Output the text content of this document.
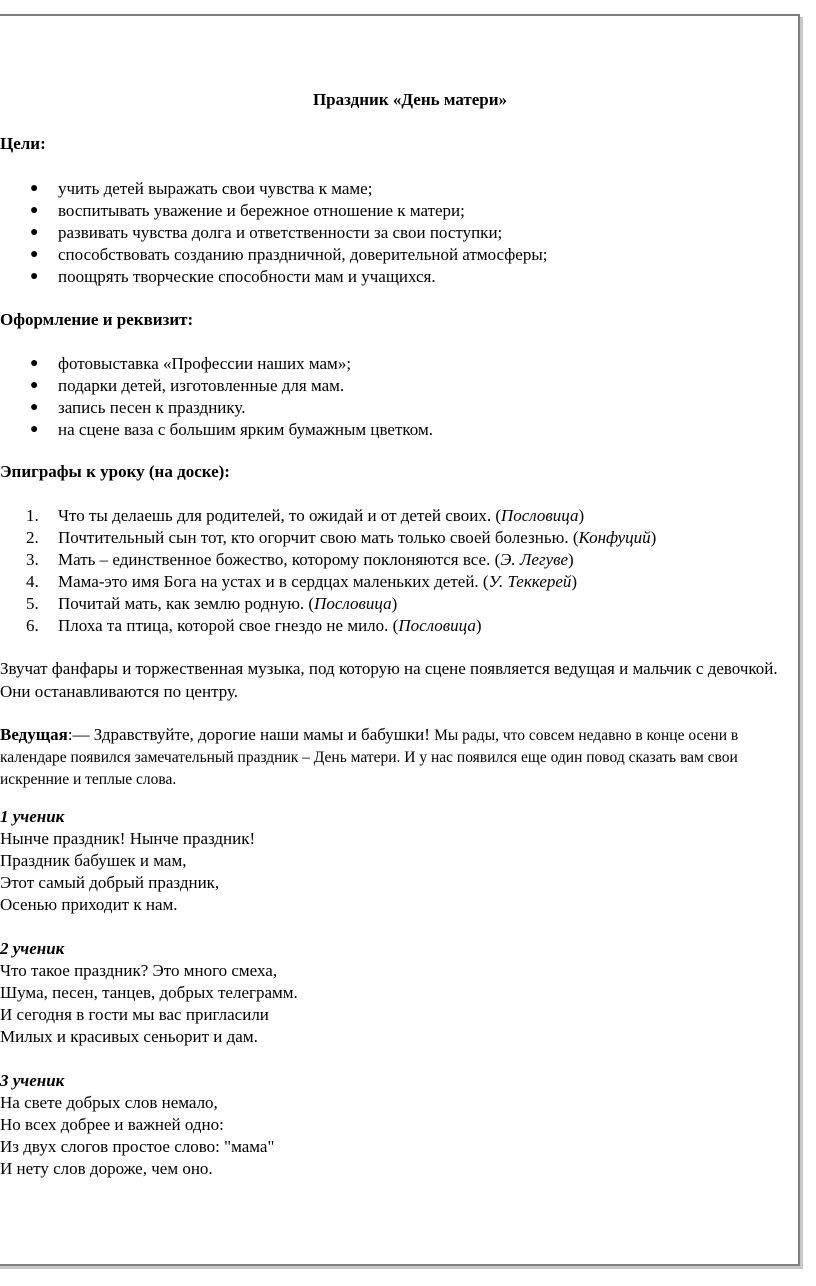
Праздник «День матери»
Цели:
● учить детей выражать свои чувства к маме;
● воспитывать уважение и бережное отношение к матери;
● развивать чувства долга и ответственности за свои поступки;
● способствовать созданию праздничной, доверительной атмосферы;
● поощрять творческие способности мам и учащихся.
Оформление и реквизит:
● фотовыставка «Профессии наших мам»;
● подарки детей, изготовленные для мам.
● запись песен к празднику.
● на сцене ваза с большим ярким бумажным цветком.
Эпиграфы к уроку (на доске):
1. Что ты делаешь для родителей, то ожидай и от детей своих. (Пословица)
2. Почтительный сын тот, кто огорчит свою мать только своей болезнью. (Конфуций)
3. Мать – единственное божество, которому поклоняются все. (Э. Легуве)
4. Мама-это имя Бога на устах и в сердцах маленьких детей. (У. Теккерей)
5. Почитай мать, как землю родную. (Пословица)
6. Плоха та птица, которой свое гнездо не мило. (Пословица)
Звучат фанфары и торжественная музыка, под которую на сцене появляется ведущая и мальчик с девочкой. Они останавливаются по центру.
Ведущая:— Здравствуйте, дорогие наши мамы и бабушки! Мы рады, что совсем недавно в конце осени в календаре появился замечательный праздник – День матери. И у нас появился еще один повод сказать вам свои искренние и теплые слова.
1 ученик
Нынче праздник! Нынче праздник!
Праздник бабушек и мам,
Этот самый добрый праздник,
Осенью приходит к нам.
2 ученик
Что такое праздник? Это много смеха,
Шума, песен, танцев, добрых телеграмм.
И сегодня в гости мы вас пригласили
Милых и красивых сеньорит и дам.
3 ученик
На свете добрых слов немало,
Но всех добрее и важней одно:
Из двух слогов простое слово: "мама"
И нету слов дороже, чем оно.
